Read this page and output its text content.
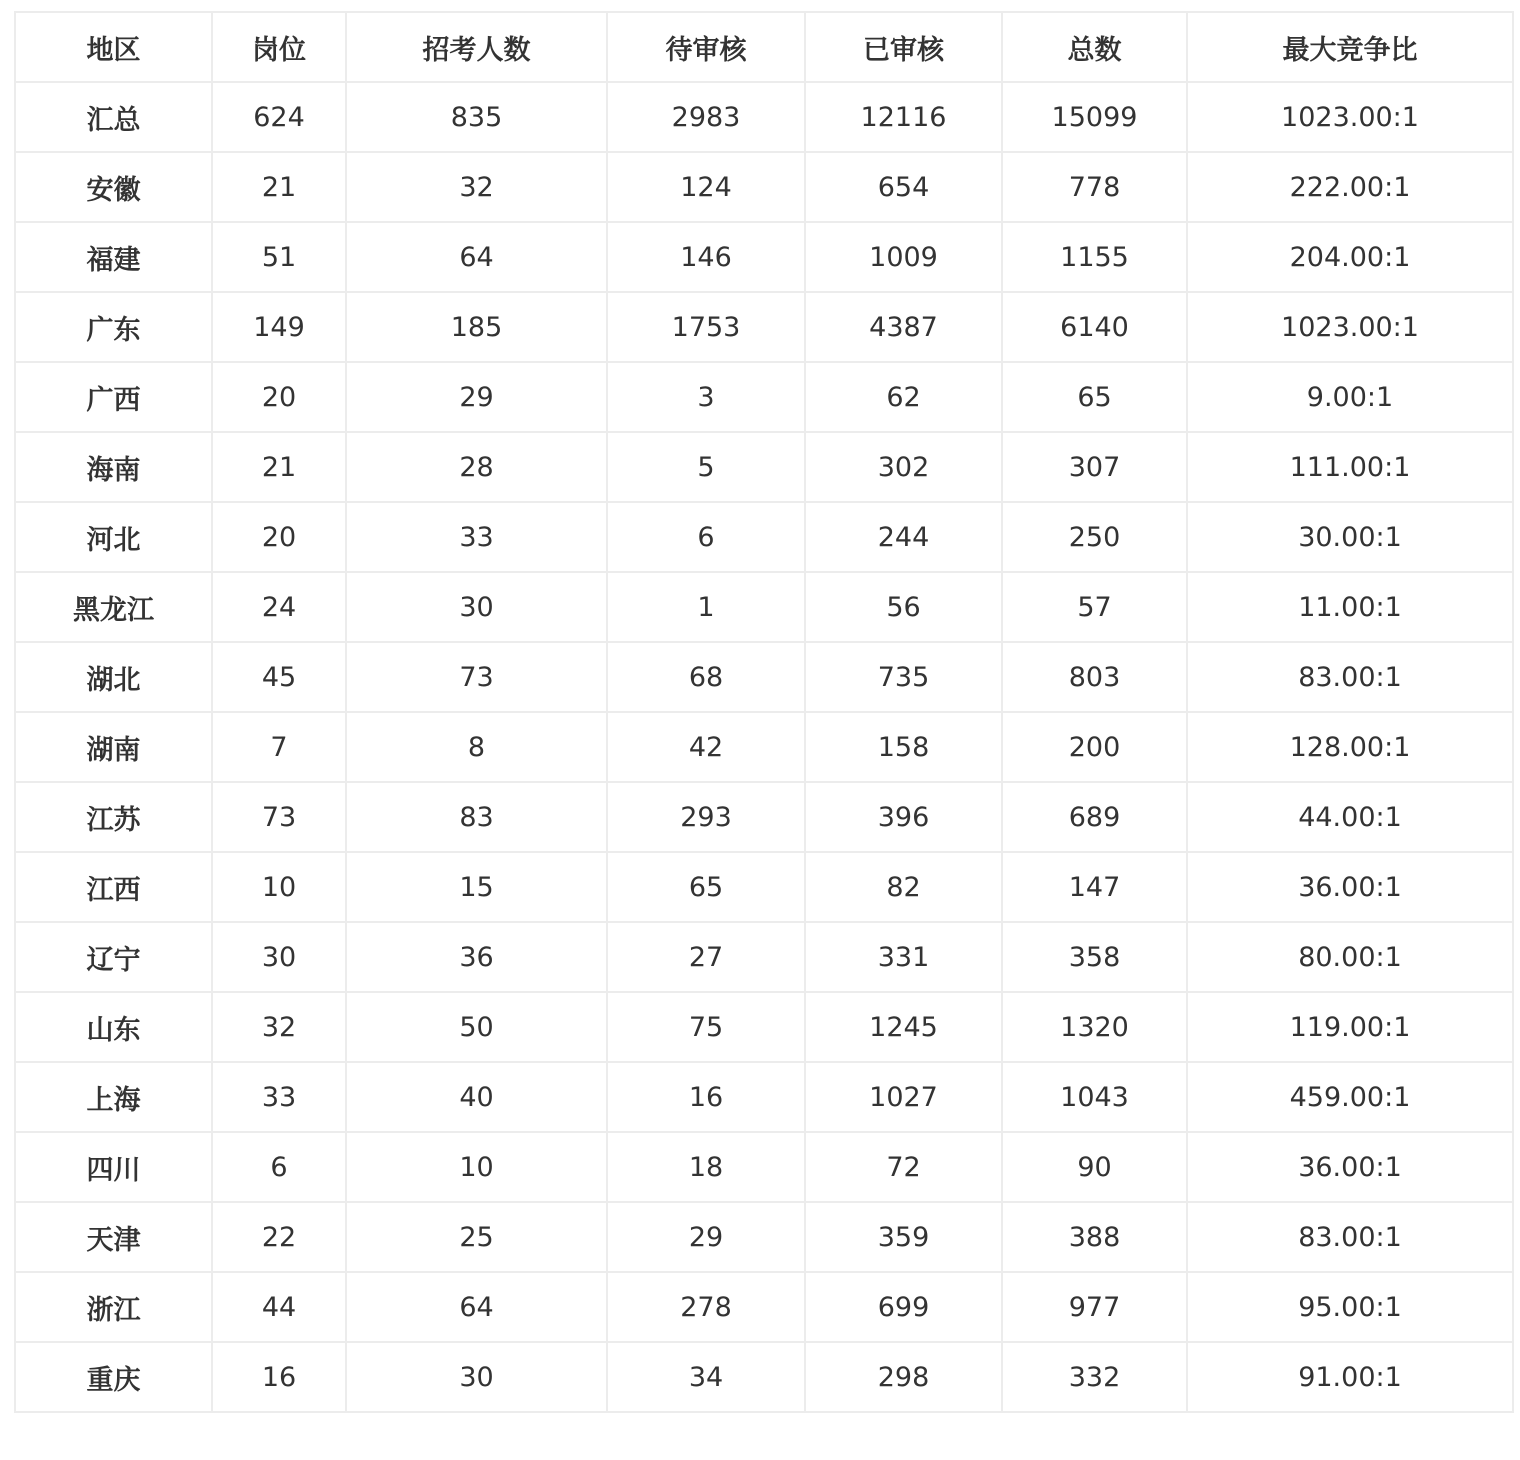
地区	岗位	招考人数	待审核	已审核	总数	最大竞争比
汇总	624	835	2983	12116	15099	1023.00:1
安徽	21	32	124	654	778	222.00:1
福建	51	64	146	1009	1155	204.00:1
广东	149	185	1753	4387	6140	1023.00:1
广西	20	29	3	62	65	9.00:1
海南	21	28	5	302	307	111.00:1
河北	20	33	6	244	250	30.00:1
黑龙江	24	30	1	56	57	11.00:1
湖北	45	73	68	735	803	83.00:1
湖南	7	8	42	158	200	128.00:1
江苏	73	83	293	396	689	44.00:1
江西	10	15	65	82	147	36.00:1
辽宁	30	36	27	331	358	80.00:1
山东	32	50	75	1245	1320	119.00:1
上海	33	40	16	1027	1043	459.00:1
四川	6	10	18	72	90	36.00:1
天津	22	25	29	359	388	83.00:1
浙江	44	64	278	699	977	95.00:1
重庆	16	30	34	298	332	91.00:1
